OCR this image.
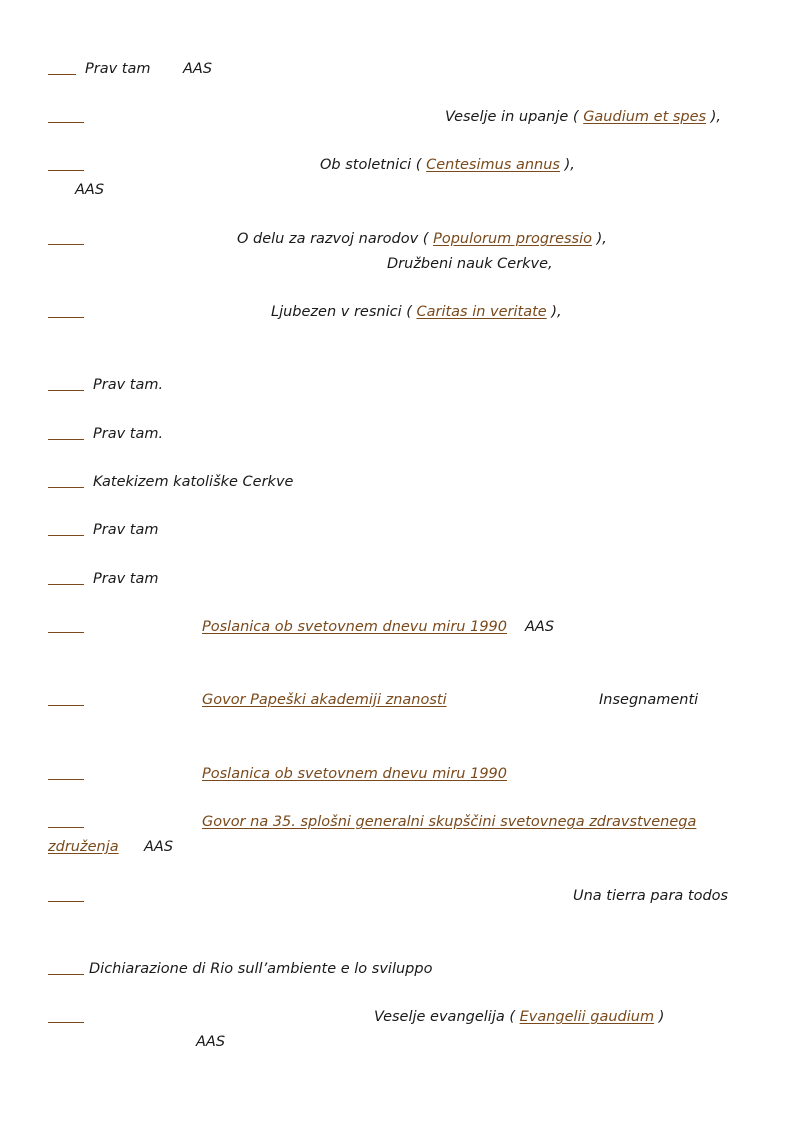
Prav tam AAS
Veselje in upanje ( Gaudium et spes ),
Ob stoletnici ( Centesimus annus ),
AAS
O delu za razvoj narodov ( Populorum progressio ),
Družbeni nauk Cerkve,
Ljubezen v resnici ( Caritas in veritate ),
Prav tam.
Prav tam.
Katekizem katoliške Cerkve
Prav tam
Prav tam
Poslanica ob svetovnem dnevu miru 1990 AAS
Govor Papeški akademiji znanosti	Insegnamenti
Poslanica ob svetovnem dnevu miru 1990
Govor na 35. splošni generalni skupščini svetovnega zdravstvenega
združenja AAS
Una tierra para todos
Dichiarazione di Rio sull’ambiente e lo sviluppo
Veselje evangelija ( Evangelii gaudium )
AAS
